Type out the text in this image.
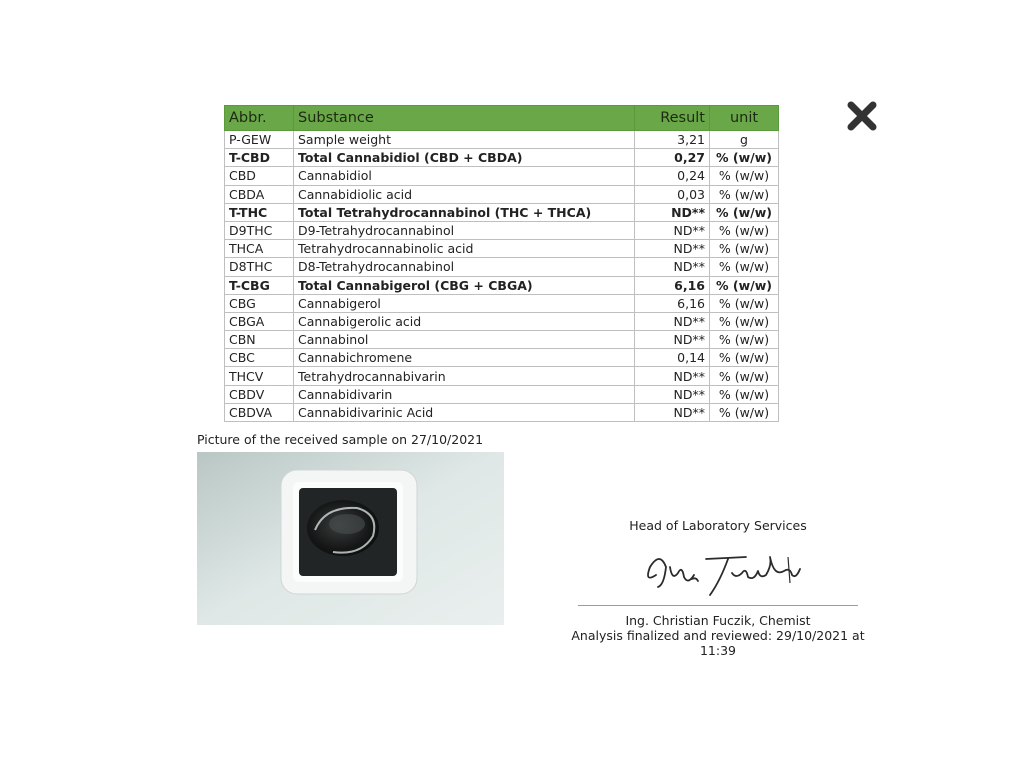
Abbr.	Substance	Result	unit
P-GEW	Sample weight	3,21	g
T-CBD	Total Cannabidiol (CBD + CBDA)	0,27	% (w/w)
CBD	Cannabidiol	0,24	% (w/w)
CBDA	Cannabidiolic acid	0,03	% (w/w)
T-THC	Total Tetrahydrocannabinol (THC + THCA)	ND**	% (w/w)
D9THC	D9-Tetrahydrocannabinol	ND**	% (w/w)
THCA	Tetrahydrocannabinolic acid	ND**	% (w/w)
D8THC	D8-Tetrahydrocannabinol	ND**	% (w/w)
T-CBG	Total Cannabigerol (CBG + CBGA)	6,16	% (w/w)
CBG	Cannabigerol	6,16	% (w/w)
CBGA	Cannabigerolic acid	ND**	% (w/w)
CBN	Cannabinol	ND**	% (w/w)
CBC	Cannabichromene	0,14	% (w/w)
THCV	Tetrahydrocannabivarin	ND**	% (w/w)
CBDV	Cannabidivarin	ND**	% (w/w)
CBDVA	Cannabidivarinic Acid	ND**	% (w/w)
Picture of the received sample on 27/10/2021
Head of Laboratory Services
Ing. Christian Fuczik, Chemist
Analysis finalized and reviewed: 29/10/2021 at 11:39
